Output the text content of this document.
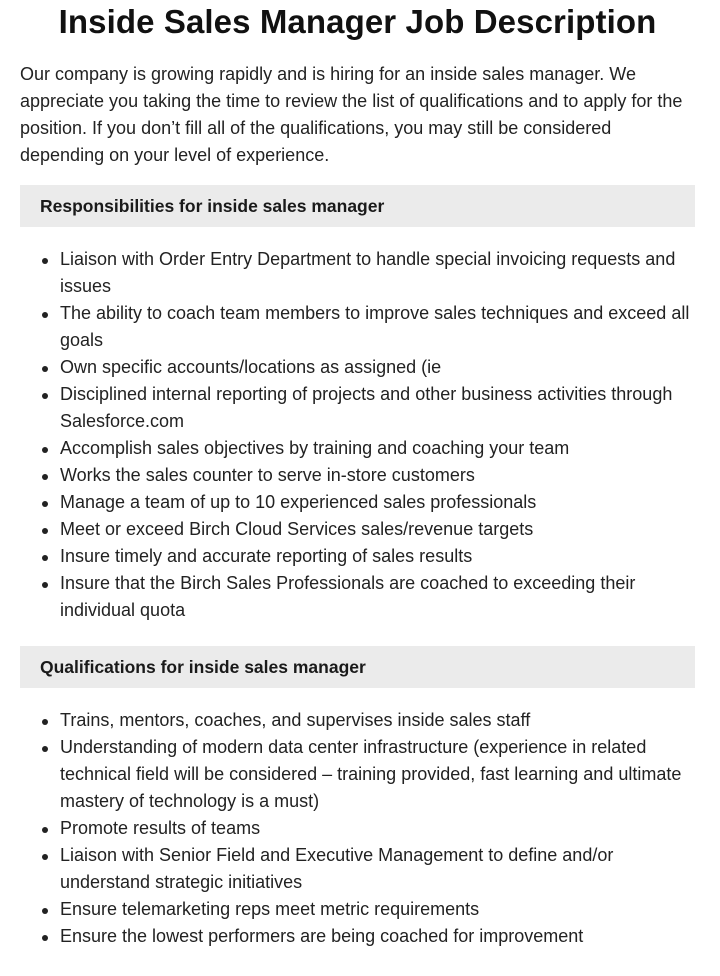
Inside Sales Manager Job Description

Our company is growing rapidly and is hiring for an inside sales manager. We appreciate you taking the time to review the list of qualifications and to apply for the position. If you don’t fill all of the qualifications, you may still be considered depending on your level of experience.

Responsibilities for inside sales manager
Liaison with Order Entry Department to handle special invoicing requests and issues
The ability to coach team members to improve sales techniques and exceed all goals
Own specific accounts/locations as assigned (ie
Disciplined internal reporting of projects and other business activities through Salesforce.com
Accomplish sales objectives by training and coaching your team
Works the sales counter to serve in-store customers
Manage a team of up to 10 experienced sales professionals
Meet or exceed Birch Cloud Services sales/revenue targets
Insure timely and accurate reporting of sales results
Insure that the Birch Sales Professionals are coached to exceeding their individual quota
Qualifications for inside sales manager
Trains, mentors, coaches, and supervises inside sales staff
Understanding of modern data center infrastructure (experience in related technical field will be considered – training provided, fast learning and ultimate mastery of technology is a must)
Promote results of teams
Liaison with Senior Field and Executive Management to define and/or understand strategic initiatives
Ensure telemarketing reps meet metric requirements
Ensure the lowest performers are being coached for improvement
